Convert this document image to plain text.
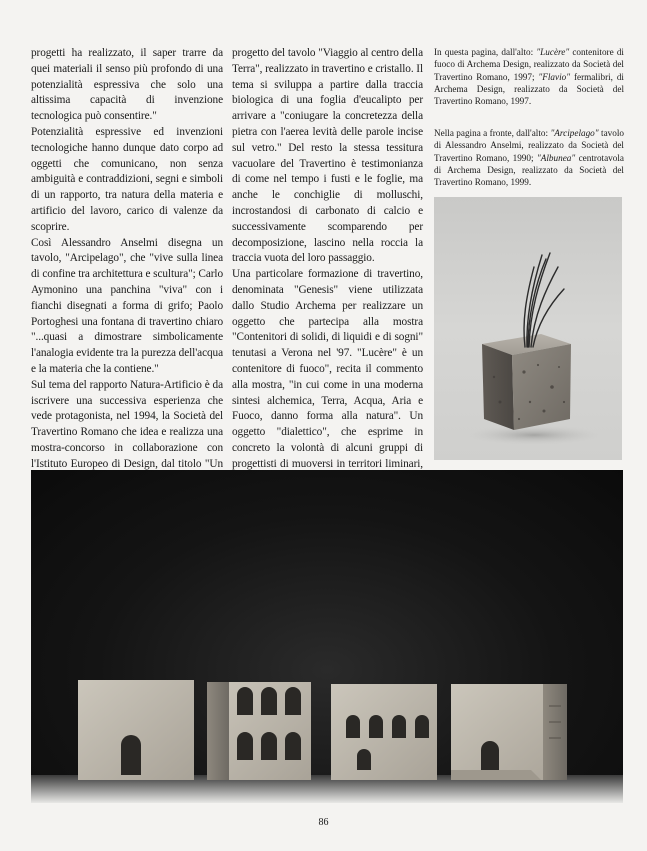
progetti ha realizzato, il saper trarre da quei materiali il senso più profondo di una potenzialità espressiva che solo una altissima capacità di invenzione tecnologica può consentire."

Potenzialità espressive ed invenzioni tecnologiche hanno dunque dato corpo ad oggetti che comunicano, non senza ambiguità e contraddizioni, segni e simboli di un rapporto, tra natura della materia e artificio del lavoro, carico di valenze da scoprire.

Così Alessandro Anselmi disegna un tavolo, "Arcipelago", che "vive sulla linea di confine tra architettura e scultura"; Carlo Aymonino una panchina "viva" con i fianchi disegnati a forma di grifo; Paolo Portoghesi una fontana di travertino chiaro "...quasi a dimostrare simbolicamente l'analogia evidente tra la purezza dell'acqua e la materia che la contiene."

Sul tema del rapporto Natura-Artificio è da iscrivere una successiva esperienza che vede protagonista, nel 1994, la Società del Travertino Romano che idea e realizza una mostra-concorso in collaborazione con l'Istituto Europeo di Design, dal titolo "Un

progetto del tavolo "Viaggio al centro della Terra", realizzato in travertino e cristallo. Il tema si sviluppa a partire dalla traccia biologica di una foglia d'eucalipto per arrivare a "coniugare la concretezza della pietra con l'aerea levità delle parole incise sul vetro." Del resto la stessa tessitura vacuolare del Travertino è testimonianza di come nel tempo i fusti e le foglie, ma anche le conchiglie di molluschi, incrostandosi di carbonato di calcio e successivamente scomparendo per decomposizione, lascino nella roccia la traccia vuota del loro passaggio.

Una particolare formazione di travertino, denominata "Genesis" viene utilizzata dallo Studio Archema per realizzare un oggetto che partecipa alla mostra "Contenitori di solidi, di liquidi e di sogni" tenutasi a Verona nel '97. "Lucère" è un contenitore di fuoco", recita il commento alla mostra, "in cui come in una moderna sintesi alchemica, Terra, Acqua, Aria e Fuoco, danno forma alla natura". Un oggetto "dialettico", che esprime in concreto la volontà di alcuni gruppi di progettisti di muoversi in territori liminari,

In questa pagina, dall'alto: "Lucère" contenitore di fuoco di Archema Design, realizzato da Società del Travertino Romano, 1997; "Flavio" fermalibri, di Archema Design, realizzato da Società del Travertino Romano, 1997.

Nella pagina a fronte, dall'alto: "Arcipelago" tavolo di Alessandro Anselmi, realizzato da Società del Travertino Romano, 1990; "Albunea" centrotavola di Archema Design, realizzato da Società del Travertino Romano, 1999.

86
